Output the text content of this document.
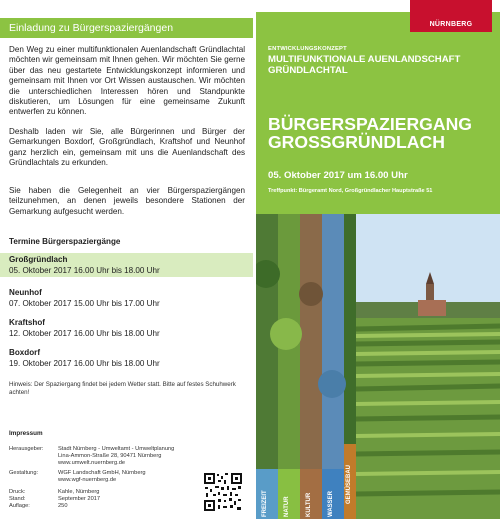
Einladung zu Bürgerspaziergängen

Den Weg zu einer multifunktionalen Auenlandschaft Gründlachtal möchten wir gemeinsam mit Ihnen gehen. Wir möchten Sie gerne über das neu gestartete Entwicklungskonzept informieren und gemeinsam mit Ihnen vor Ort Wissen austauschen. Wir möchten die unterschiedlichen Interessen hören und Standpunkte diskutieren, um Lösungen für eine gemeinsame Zukunft entwerfen zu können.

Deshalb laden wir Sie, alle Bürgerinnen und Bürger der Gemarkungen Boxdorf, Großgründlach, Kraftshof und Neunhof ganz herzlich ein, gemeinsam mit uns die Auenlandschaft des Gründlachtals zu erkunden.

Sie haben die Gelegenheit an vier Bürgerspaziergängen teilzunehmen, an denen jeweils besondere Stationen der Gemarkung aufgesucht werden.

Termine Bürgerspaziergänge
Großgründlach
05. Oktober 2017 16.00 Uhr bis 18.00 Uhr
Neunhof
07. Oktober 2017 15.00 Uhr bis 17.00 Uhr
Kraftshof
12. Oktober 2017 16.00 Uhr bis 18.00 Uhr
Boxdorf
19. Oktober 2017 16.00 Uhr bis 18.00 Uhr
Hinweis: Der Spaziergang findet bei jedem Wetter statt. Bitte auf festes Schuhwerk achten!
Impressum
Herausgeber:	Stadt Nürnberg - Umweltamt - Umweltplanung
Lina-Ammon-Straße 28, 90471 Nürnberg
www.umwelt.nuernberg.de
Gestaltung:	WGF Landschaft GmbH, Nürnberg
www.wgf-nuernberg.de
Druck:	Kahle, Nürnberg
Stand:	September 2017
Auflage:	250
NÜRNBERG
ENTWICKLUNGSKONZEPT
MULTIFUNKTIONALE AUENLANDSCHAFT GRÜNDLACHTAL
BÜRGERSPAZIERGANG GROSSGRÜNDLACH
05. Oktober 2017 um 16.00 Uhr
Treffpunkt: Bürgeramt Nord, Großgründlacher Hauptstraße 51
FREIZEIT	NATUR	KULTUR	WASSER GEMÜSEBAU
